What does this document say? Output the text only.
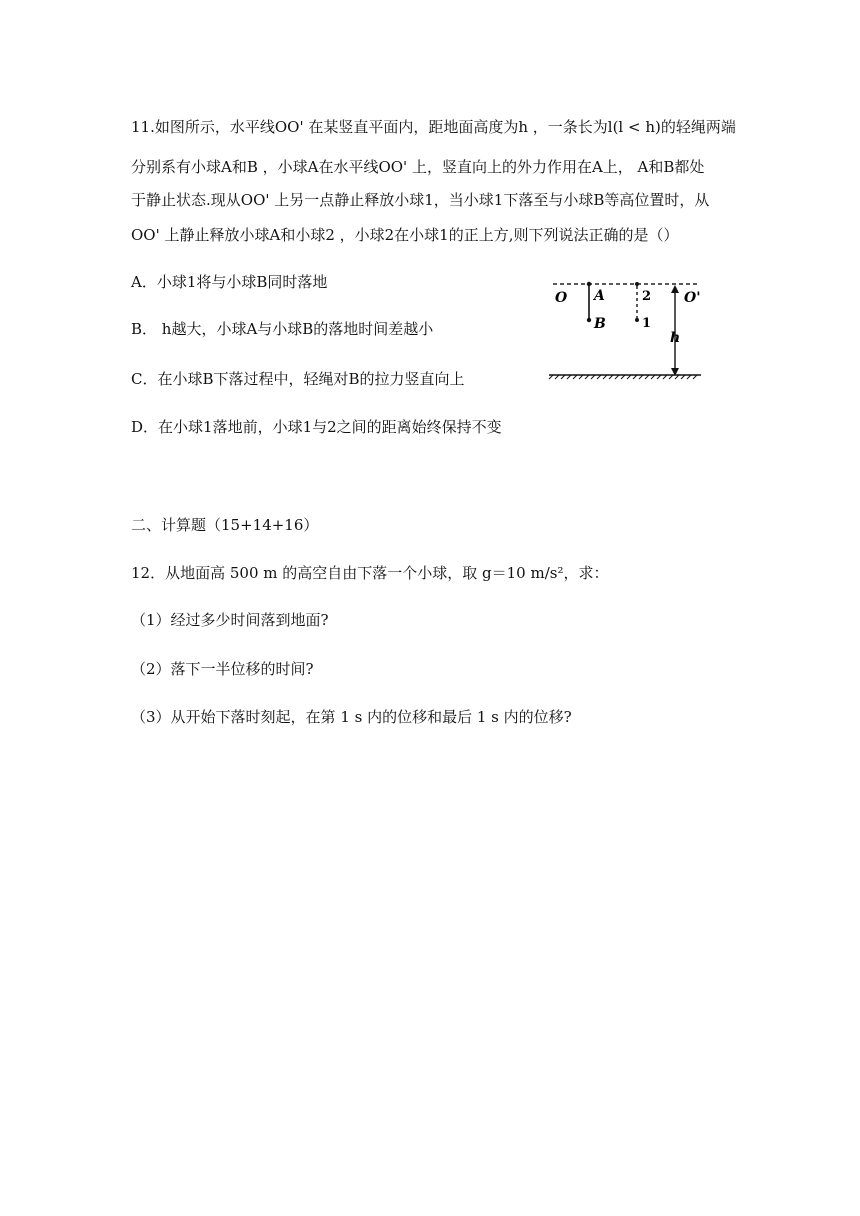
11.如图所示，水平线OO' 在某竖直平面内，距地面高度为h ，一条长为l(l < h)的轻绳两端
分别系有小球A和B ，小球A在水平线OO' 上，竖直向上的外力作用在A上， A和B都处
于静止状态.现从OO' 上另一点静止释放小球1，当小球1下落至与小球B等高位置时，从
OO' 上静止释放小球A和小球2 ，小球2在小球1的正上方,则下列说法正确的是（）
A．小球1将与小球B同时落地
B． h越大，小球A与小球B的落地时间差越小
C．在小球B下落过程中，轻绳对B的拉力竖直向上
D．在小球1落地前，小球1与2之间的距离始终保持不变
O A
B
2
1
O'
h
二、计算题（15+14+16）
12．从地面高 500 m 的高空自由下落一个小球，取 g＝10 m/s²，求：
（1）经过多少时间落到地面?
（2）落下一半位移的时间?
（3）从开始下落时刻起，在第 1 s 内的位移和最后 1 s 内的位移?
